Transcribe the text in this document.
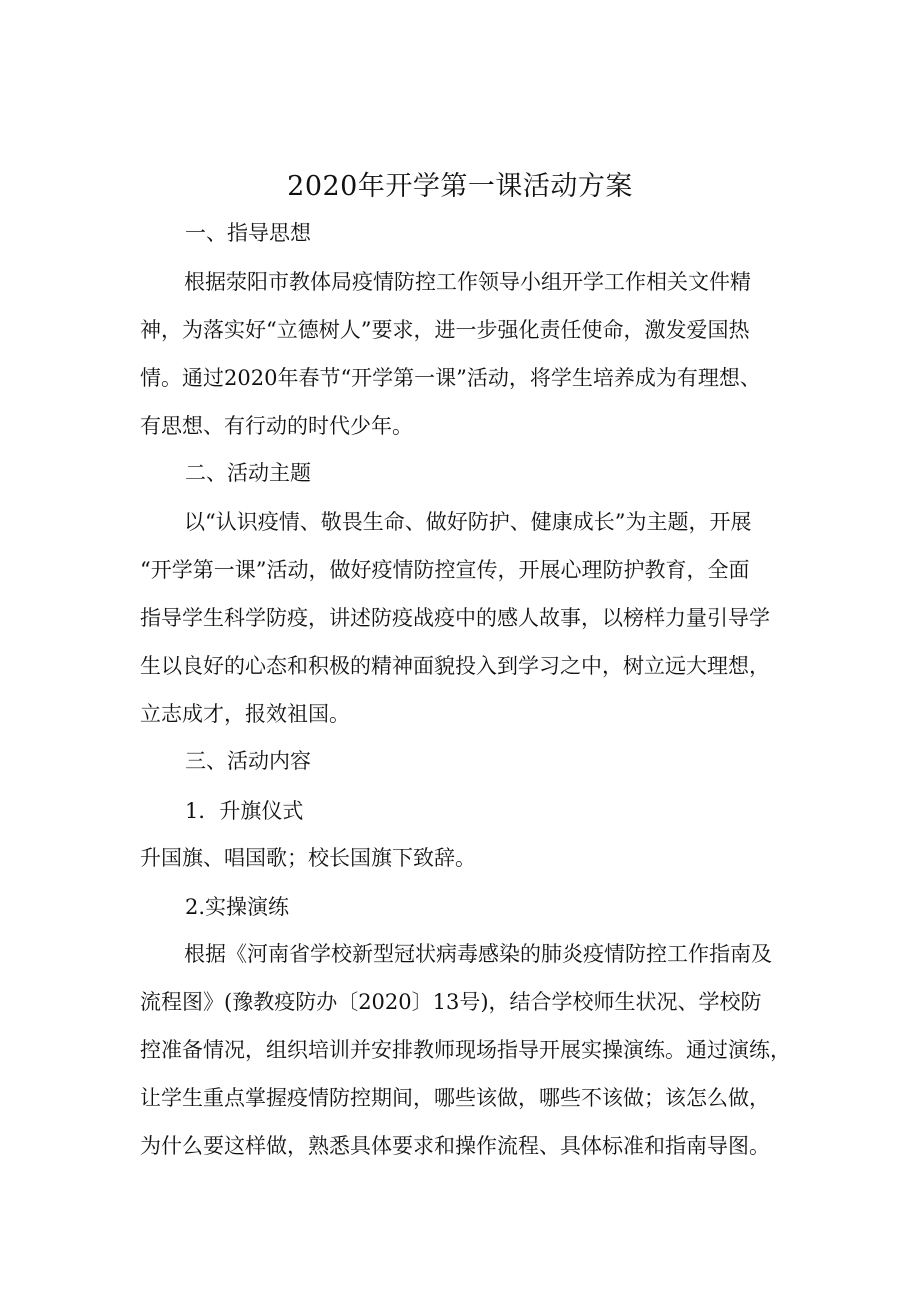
2020年开学第一课活动方案

一、指导思想

根据荥阳市教体局疫情防控工作领导小组开学工作相关文件精
神，为落实好“立德树人”要求，进一步强化责任使命，激发爱国热
情。通过2020年春节“开学第一课”活动，将学生培养成为有理想、
有思想、有行动的时代少年。

二、活动主题

以“认识疫情、敬畏生命、做好防护、健康成长”为主题，开展
“开学第一课”活动，做好疫情防控宣传，开展心理防护教育，全面
指导学生科学防疫，讲述防疫战疫中的感人故事，以榜样力量引导学
生以良好的心态和积极的精神面貌投入到学习之中，树立远大理想，
立志成才，报效祖国。

三、活动内容

1．升旗仪式

升国旗、唱国歌；校长国旗下致辞。

2.实操演练

根据《河南省学校新型冠状病毒感染的肺炎疫情防控工作指南及
流程图》(豫教疫防办〔2020〕13号)，结合学校师生状况、学校防
控准备情况，组织培训并安排教师现场指导开展实操演练。通过演练，
让学生重点掌握疫情防控期间，哪些该做，哪些不该做；该怎么做，
为什么要这样做，熟悉具体要求和操作流程、具体标准和指南导图。
